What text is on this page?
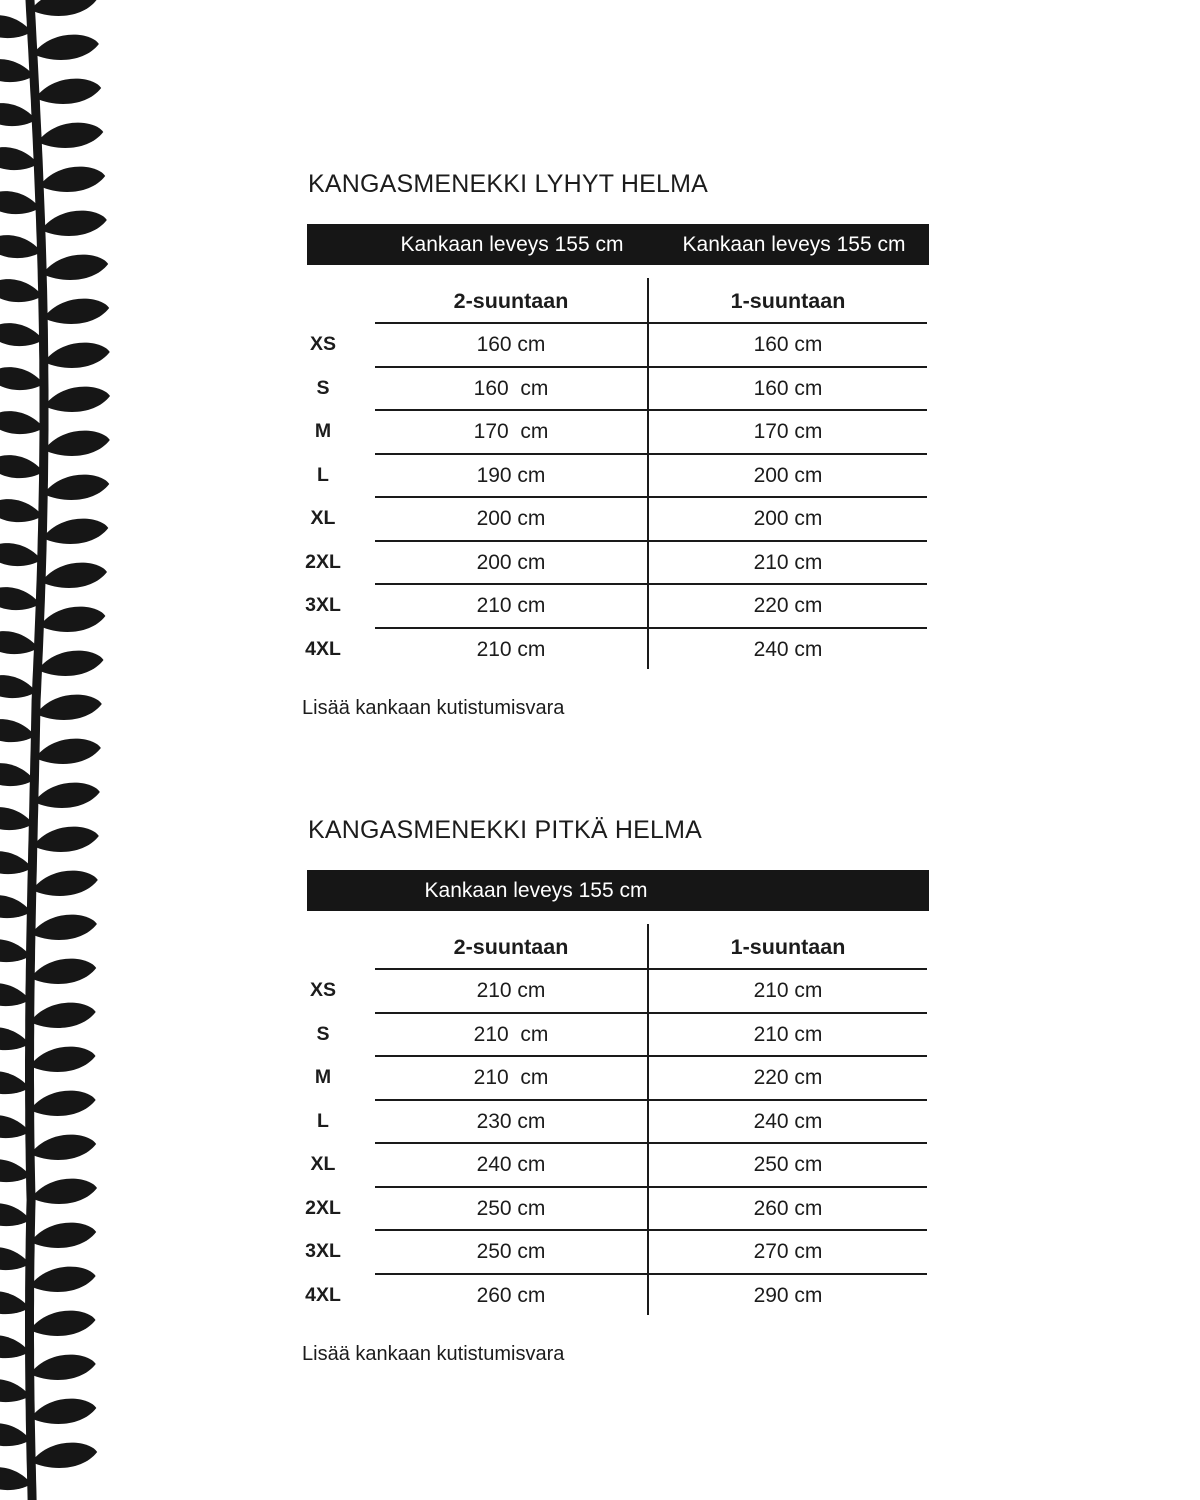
KANGASMENEKKI LYHYT HELMA
Kankaan leveys 155 cm	Kankaan leveys 155 cm
2-suuntaan	1-suuntaan
XS	160 cm	160 cm
S	160  cm	160 cm
M	170  cm	170 cm
L	190 cm	200 cm
XL	200 cm	200 cm
2XL	200 cm	210 cm
3XL	210 cm	220 cm
4XL	210 cm	240 cm
Lisää kankaan kutistumisvara
KANGASMENEKKI PITKÄ HELMA
Kankaan leveys 155 cm
2-suuntaan	1-suuntaan
XS	210 cm	210 cm
S	210  cm	210 cm
M	210  cm	220 cm
L	230 cm	240 cm
XL	240 cm	250 cm
2XL	250 cm	260 cm
3XL	250 cm	270 cm
4XL	260 cm	290 cm
Lisää kankaan kutistumisvara
